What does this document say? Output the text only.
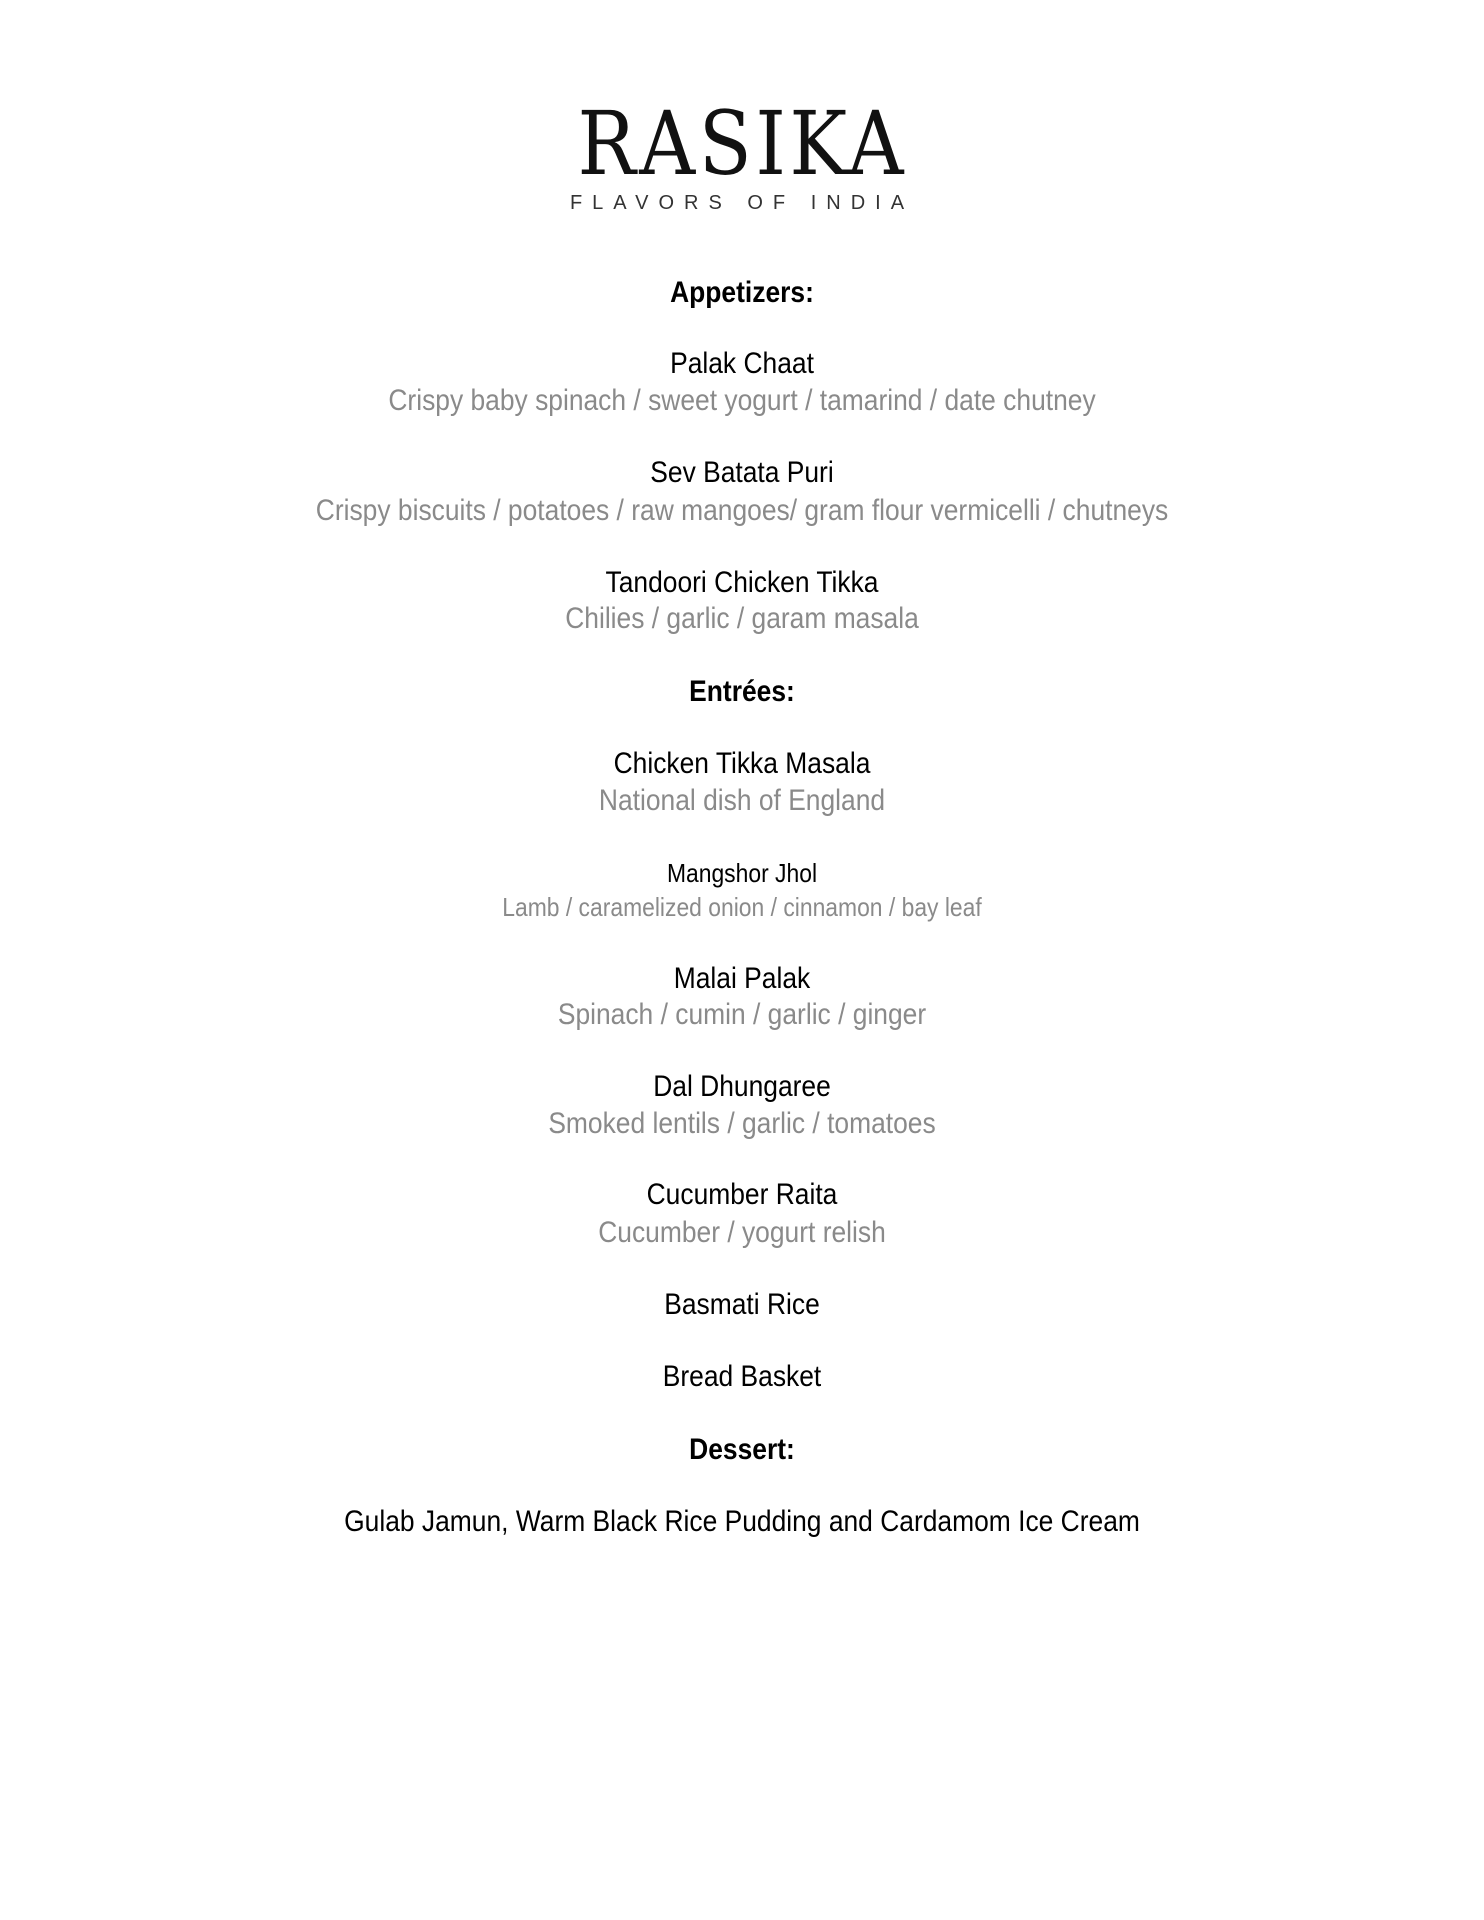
RASIKA
FLAVORS OF INDIA
Appetizers:
Palak Chaat
Crispy baby spinach / sweet yogurt / tamarind / date chutney
Sev Batata Puri
Crispy biscuits / potatoes / raw mangoes/ gram flour vermicelli / chutneys
Tandoori Chicken Tikka
Chilies / garlic / garam masala
Entrées:
Chicken Tikka Masala
National dish of England
Mangshor Jhol
Lamb / caramelized onion / cinnamon / bay leaf
Malai Palak
Spinach / cumin / garlic / ginger
Dal Dhungaree
Smoked lentils / garlic / tomatoes
Cucumber Raita
Cucumber / yogurt relish
Basmati Rice
Bread Basket
Dessert:
Gulab Jamun, Warm Black Rice Pudding and Cardamom Ice Cream
